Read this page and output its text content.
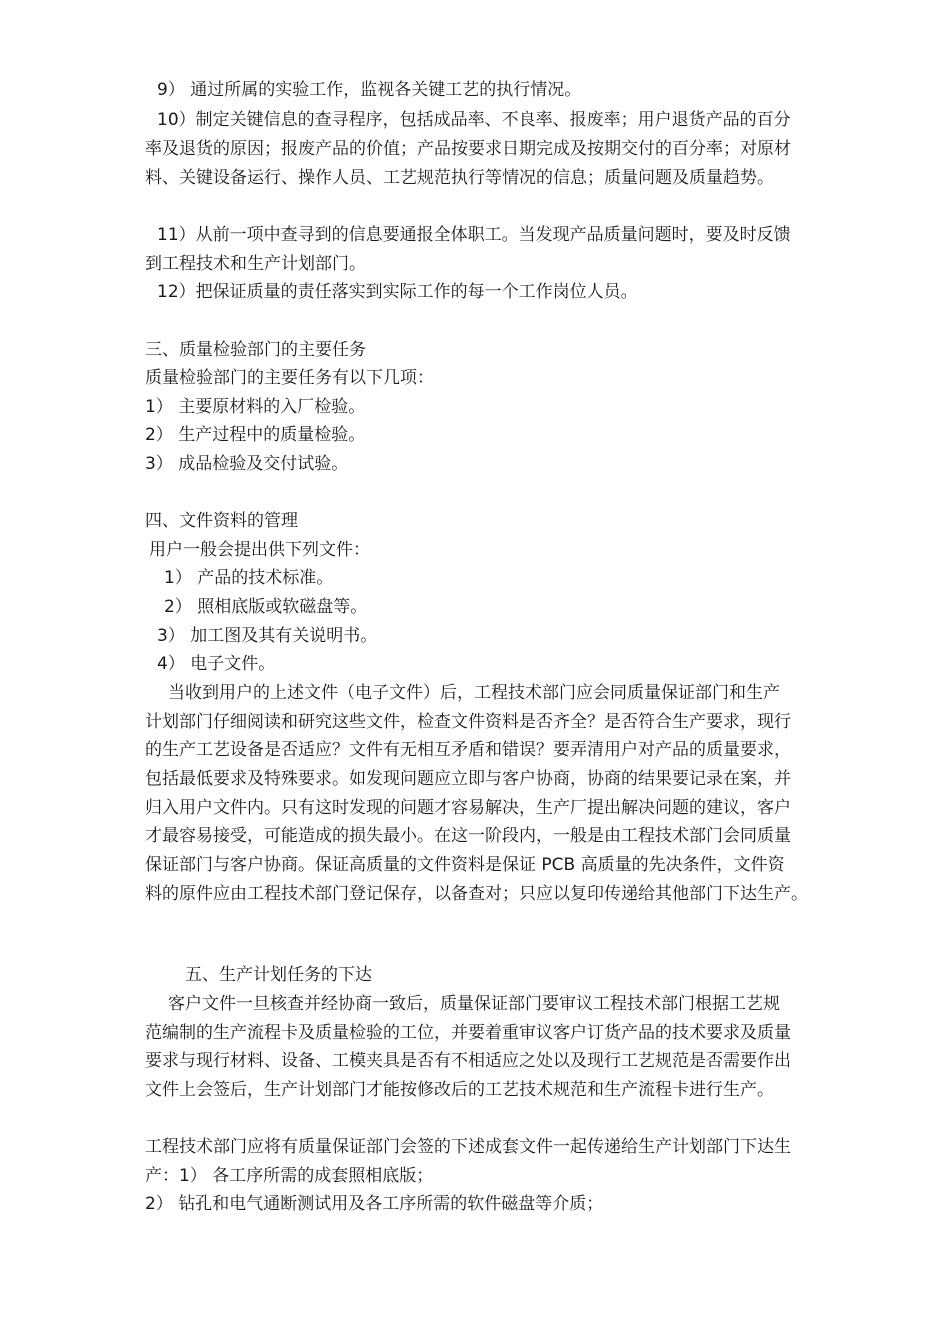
9） 通过所属的实验工作，监视各关键工艺的执行情况。
10）制定关键信息的查寻程序，包括成品率、不良率、报废率；用户退货产品的百分
率及退货的原因；报废产品的价值；产品按要求日期完成及按期交付的百分率；对原材
料、关键设备运行、操作人员、工艺规范执行等情况的信息；质量问题及质量趋势。
11）从前一项中查寻到的信息要通报全体职工。当发现产品质量问题时，要及时反馈
到工程技术和生产计划部门。
12）把保证质量的责任落实到实际工作的每一个工作岗位人员。
三、质量检验部门的主要任务
质量检验部门的主要任务有以下几项：
1） 主要原材料的入厂检验。
2） 生产过程中的质量检验。
3） 成品检验及交付试验。
四、文件资料的管理
用户一般会提出供下列文件：
1） 产品的技术标准。
2） 照相底版或软磁盘等。
3） 加工图及其有关说明书。
4） 电子文件。
当收到用户的上述文件（电子文件）后，工程技术部门应会同质量保证部门和生产
计划部门仔细阅读和研究这些文件，检查文件资料是否齐全？是否符合生产要求，现行
的生产工艺设备是否适应？文件有无相互矛盾和错误？要弄清用户对产品的质量要求，
包括最低要求及特殊要求。如发现问题应立即与客户协商，协商的结果要记录在案，并
归入用户文件内。只有这时发现的问题才容易解决，生产厂提出解决问题的建议，客户
才最容易接受，可能造成的损失最小。在这一阶段内，一般是由工程技术部门会同质量
保证部门与客户协商。保证高质量的文件资料是保证 PCB 高质量的先决条件，文件资
料的原件应由工程技术部门登记保存，以备查对；只应以复印传递给其他部门下达生产。
五、生产计划任务的下达
客户文件一旦核查并经协商一致后，质量保证部门要审议工程技术部门根据工艺规
范编制的生产流程卡及质量检验的工位，并要着重审议客户订货产品的技术要求及质量
要求与现行材料、设备、工模夹具是否有不相适应之处以及现行工艺规范是否需要作出
文件上会签后，生产计划部门才能按修改后的工艺技术规范和生产流程卡进行生产。
工程技术部门应将有质量保证部门会签的下述成套文件一起传递给生产计划部门下达生
产：1） 各工序所需的成套照相底版；
2） 钻孔和电气通断测试用及各工序所需的软件磁盘等介质；
